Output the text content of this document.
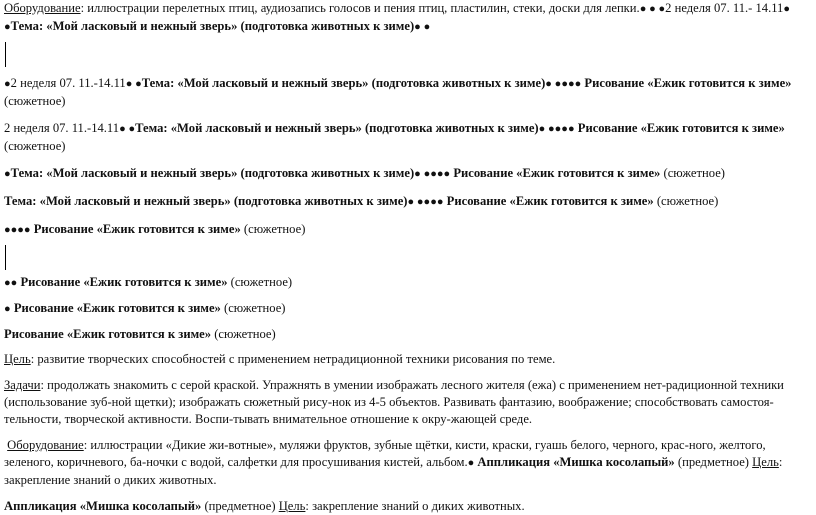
Оборудование: иллюстрации перелетных птиц, аудиозапись голосов и пения птиц, пластилин, стеки, доски для лепки.● ● ●2 неделя 07. 11.- 14.11● ●Тема: «Мой ласковый и нежный зверь» (подготовка животных к зиме)● ●

●2 неделя 07. 11.-14.11● ●Тема: «Мой ласковый и нежный зверь» (подготовка животных к зиме)● ●●●● Рисование «Ежик готовится к зиме» (сюжетное)

2 неделя 07. 11.-14.11● ●Тема: «Мой ласковый и нежный зверь» (подготовка животных к зиме)● ●●●● Рисование «Ежик готовится к зиме» (сюжетное)

●Тема: «Мой ласковый и нежный зверь» (подготовка животных к зиме)● ●●●● Рисование «Ежик готовится к зиме» (сюжетное)

Тема: «Мой ласковый и нежный зверь» (подготовка животных к зиме)● ●●●● Рисование «Ежик готовится к зиме» (сюжетное)

●●●● Рисование «Ежик готовится к зиме» (сюжетное)

●● Рисование «Ежик готовится к зиме» (сюжетное)

● Рисование «Ежик готовится к зиме» (сюжетное)

Рисование «Ежик готовится к зиме» (сюжетное)

Цель: развитие творческих способностей с применением нетрадиционной техники рисования по теме.

Задачи: продолжать знакомить с серой краской. Упражнять в умении изображать лесного жителя (ежа) с применением нет-радиционной техники (использование зуб-ной щетки); изображать сюжетный рису-нок из 4-5 объектов. Развивать фантазию, воображение; способствовать самостоя-тельности, творческой активности. Воспи-тывать внимательное отношение к окру-жающей среде.

Оборудование: иллюстрации «Дикие жи-вотные», муляжи фруктов, зубные щётки, кисти, краски, гуашь белого, черного, крас-ного, желтого, зеленого, коричневого, ба-ночки с водой, салфетки для просушивания кистей, альбом.● Аппликация «Мишка косолапый» (предметное) Цель: закрепление знаний о диких животных.

Аппликация «Мишка косолапый» (предметное) Цель: закрепление знаний о диких животных.
